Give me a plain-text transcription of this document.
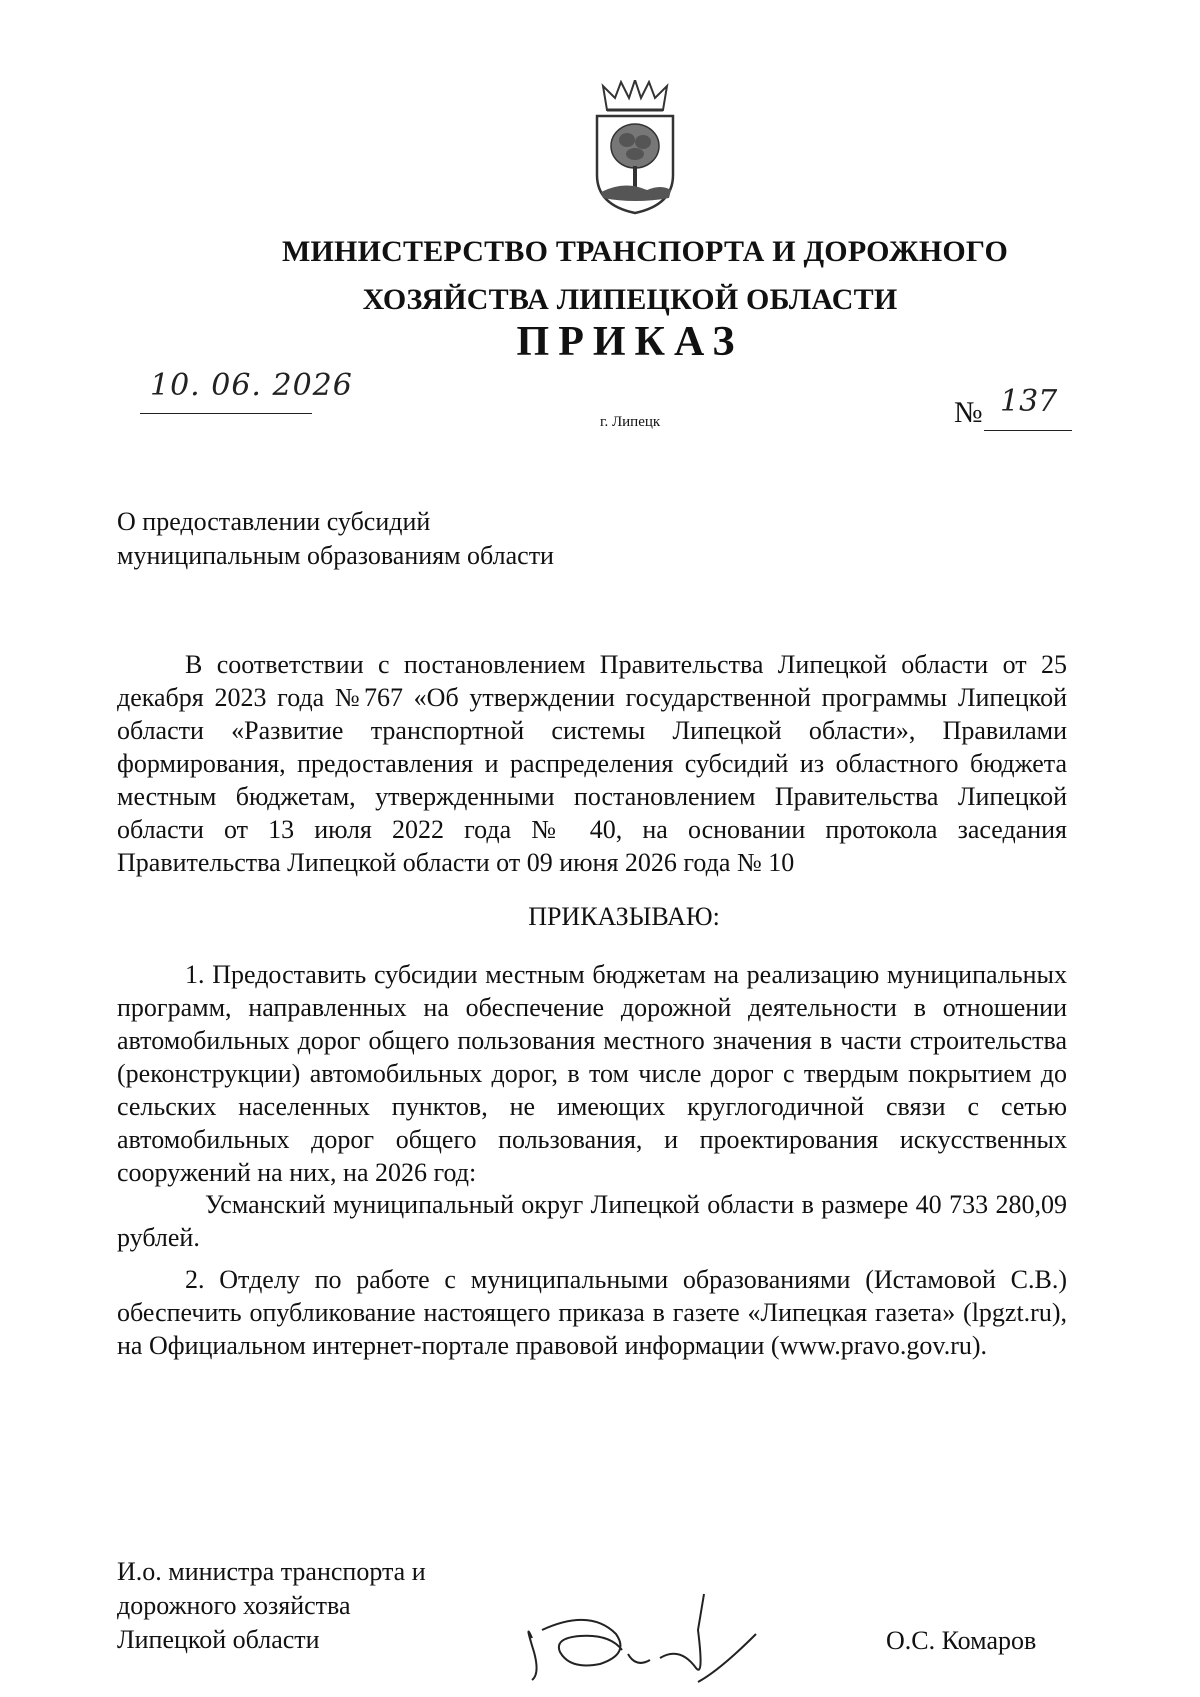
МИНИСТЕРСТВО ТРАНСПОРТА И ДОРОЖНОГО
ХОЗЯЙСТВА ЛИПЕЦКОЙ ОБЛАСТИ
ПРИКАЗ
10. 06. 2026
г. Липецк	№ 137
О предоставлении субсидий
муниципальным образованиям области
В соответствии с постановлением Правительства Липецкой области от 25 декабря 2023 года №767 «Об утверждении государственной программы Липецкой области «Развитие транспортной системы Липецкой области», Правилами формирования, предоставления и распределения субсидий из областного бюджета местным бюджетам, утвержденными постановлением Правительства Липецкой области от 13 июля 2022 года № 40, на основании протокола заседания Правительства Липецкой области от 09 июня 2026 года № 10
ПРИКАЗЫВАЮ:
1. Предоставить субсидии местным бюджетам на реализацию муниципальных программ, направленных на обеспечение дорожной деятельности в отношении автомобильных дорог общего пользования местного значения в части строительства (реконструкции) автомобильных дорог, в том числе дорог с твердым покрытием до сельских населенных пунктов, не имеющих круглогодичной связи с сетью автомобильных дорог общего пользования, и проектирования искусственных сооружений на них, на 2026 год:
Усманский муниципальный округ Липецкой области в размере 40 733 280,09 рублей.
2. Отделу по работе с муниципальными образованиями (Истамовой С.В.) обеспечить опубликование настоящего приказа в газете «Липецкая газета» (lpgzt.ru), на Официальном интернет-портале правовой информации (www.pravo.gov.ru).
И.о. министра транспорта и
дорожного хозяйства
Липецкой области	О.С. Комаров
